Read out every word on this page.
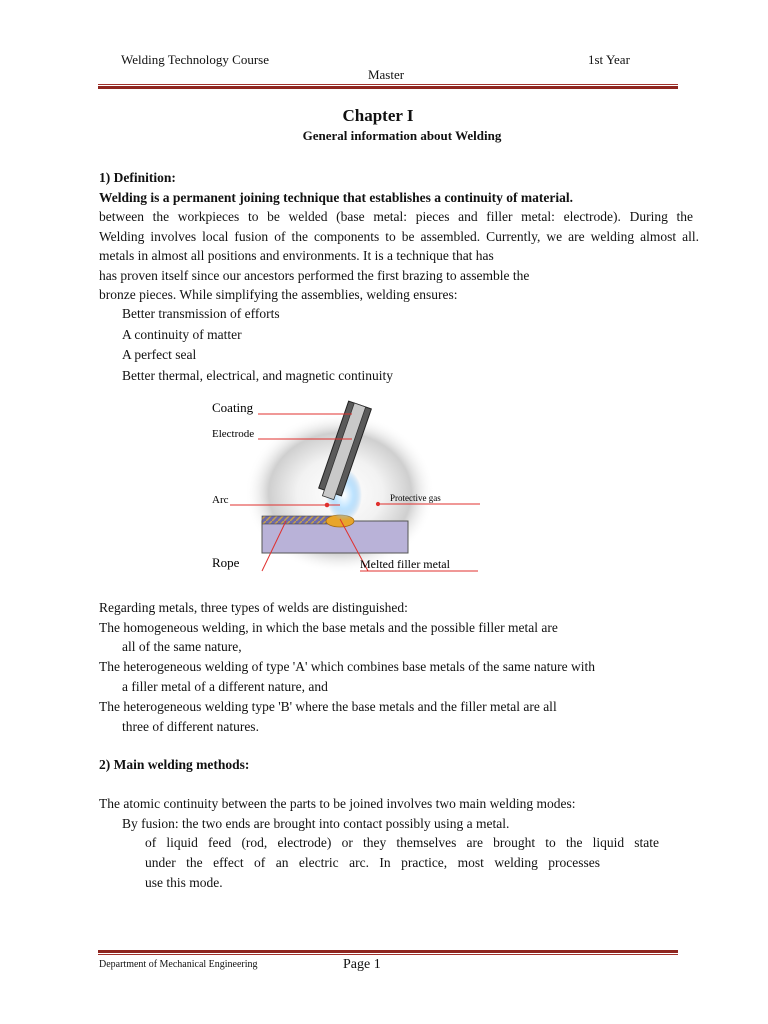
Welding Technology Course	1st Year
Master
Chapter I
General information about Welding
1) Definition:
Welding is a permanent joining technique that establishes a continuity of material.
between the workpieces to be welded (base metal: pieces and filler metal: electrode). During the
Welding involves local fusion of the components to be assembled. Currently, we are welding almost all.
metals in almost all positions and environments. It is a technique that has
has proven itself since our ancestors performed the first brazing to assemble the
bronze pieces. While simplifying the assemblies, welding ensures:
Better transmission of efforts
A continuity of matter
A perfect seal
Better thermal, electrical, and magnetic continuity
Coating
Electrode
Arc	Protective gas
Rope	Melted filler metal
Regarding metals, three types of welds are distinguished:
The homogeneous welding, in which the base metals and the possible filler metal are
all of the same nature,
The heterogeneous welding of type 'A' which combines base metals of the same nature with
a filler metal of a different nature, and
The heterogeneous welding type 'B' where the base metals and the filler metal are all
three of different natures.
2) Main welding methods:
The atomic continuity between the parts to be joined involves two main welding modes:
By fusion: the two ends are brought into contact possibly using a metal.
of liquid feed (rod, electrode) or they themselves are brought to the liquid state
under the effect of an electric arc. In practice, most welding processes
use this mode.
Department of Mechanical Engineering	Page 1
